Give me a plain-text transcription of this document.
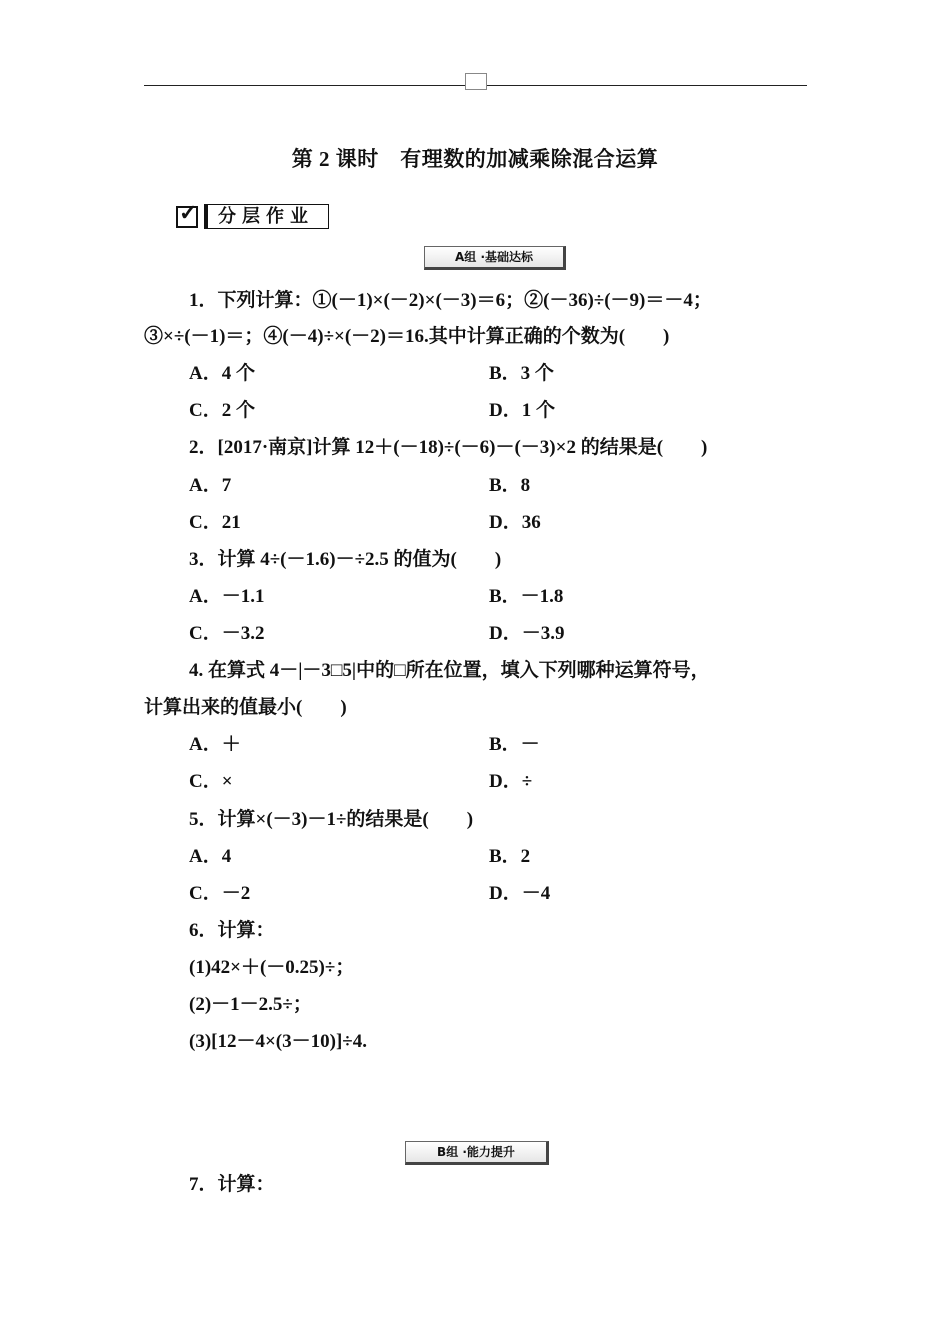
第 2 课时　有理数的加减乘除混合运算
✓	分层作业
A组 ·基础达标
1．下列计算：①(－1)×(－2)×(－3)＝6；②(－36)÷(－9)＝－4；
③×÷(－1)＝；④(－4)÷×(－2)＝16.其中计算正确的个数为(　　)
A．4 个	B．3 个
C．2 个	D．1 个
2．[2017·南京]计算 12＋(－18)÷(－6)－(－3)×2 的结果是(　　)
A．7	B．8
C．21	D．36
3．计算 4÷(－1.6)－÷2.5 的值为(　　)
A．－1.1	B．－1.8
C．－3.2	D．－3.9
4. 在算式 4－|－3□5|中的□所在位置，填入下列哪种运算符号，
计算出来的值最小(　　)
A．＋	B．－
C．×	D．÷
5．计算×(－3)－1÷的结果是(　　)
A．4	B．2
C．－2	D．－4
6．计算：
(1)42×＋(－0.25)÷；
(2)－1－2.5÷；
(3)[12－4×(3－10)]÷4.
B组 ·能力提升
7．计算：
